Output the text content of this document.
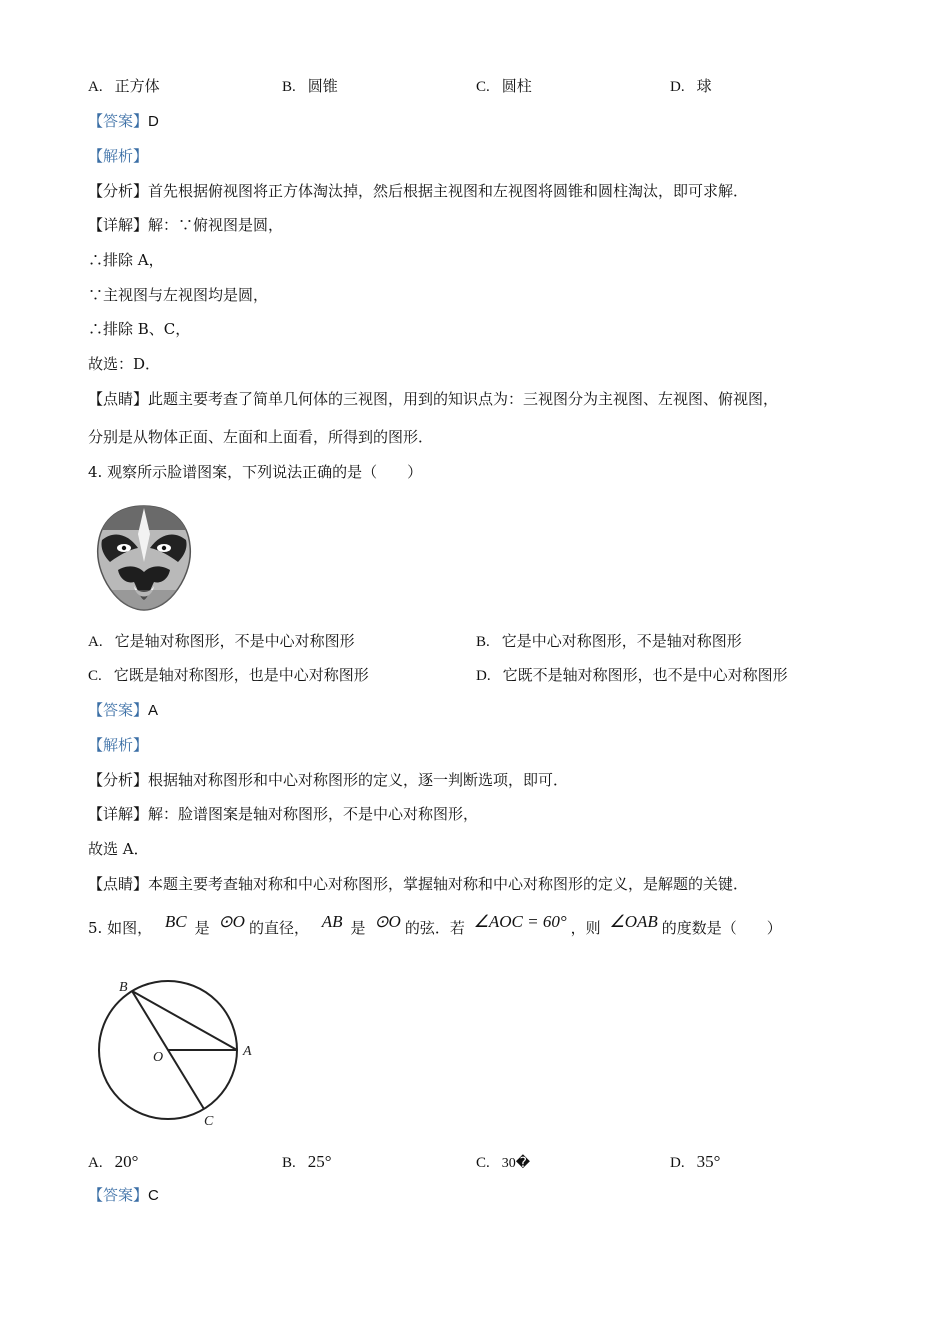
A. 正方体	B. 圆锥	C. 圆柱	D. 球
【答案】D
【解析】
【分析】首先根据俯视图将正方体淘汰掉，然后根据主视图和左视图将圆锥和圆柱淘汰，即可求解．
【详解】解：∵俯视图是圆，
∴排除 A，
∵主视图与左视图均是圆，
∴排除 B、C，
故选：D．
【点睛】此题主要考查了简单几何体的三视图，用到的知识点为：三视图分为主视图、左视图、俯视图，
分别是从物体正面、左面和上面看，所得到的图形．
4. 观察所示脸谱图案，下列说法正确的是（　　）
A. 它是轴对称图形，不是中心对称图形	B. 它是中心对称图形，不是轴对称图形
C. 它既是轴对称图形，也是中心对称图形	D. 它既不是轴对称图形，也不是中心对称图形
【答案】A
【解析】
【分析】根据轴对称图形和中心对称图形的定义，逐一判断选项，即可．
【详解】解：脸谱图案是轴对称图形，不是中心对称图形，
故选 A．
【点睛】本题主要考查轴对称和中心对称图形，掌握轴对称和中心对称图形的定义，是解题的关键．
5. 如图， BC 是 ⊙O 的直径， AB 是 ⊙O 的弦．若 ∠AOC = 60° ，则 ∠OAB 的度数是（　　）
B
O	A
C
A. 20°	B. 25°	C. 30�	D. 35°
【答案】C
